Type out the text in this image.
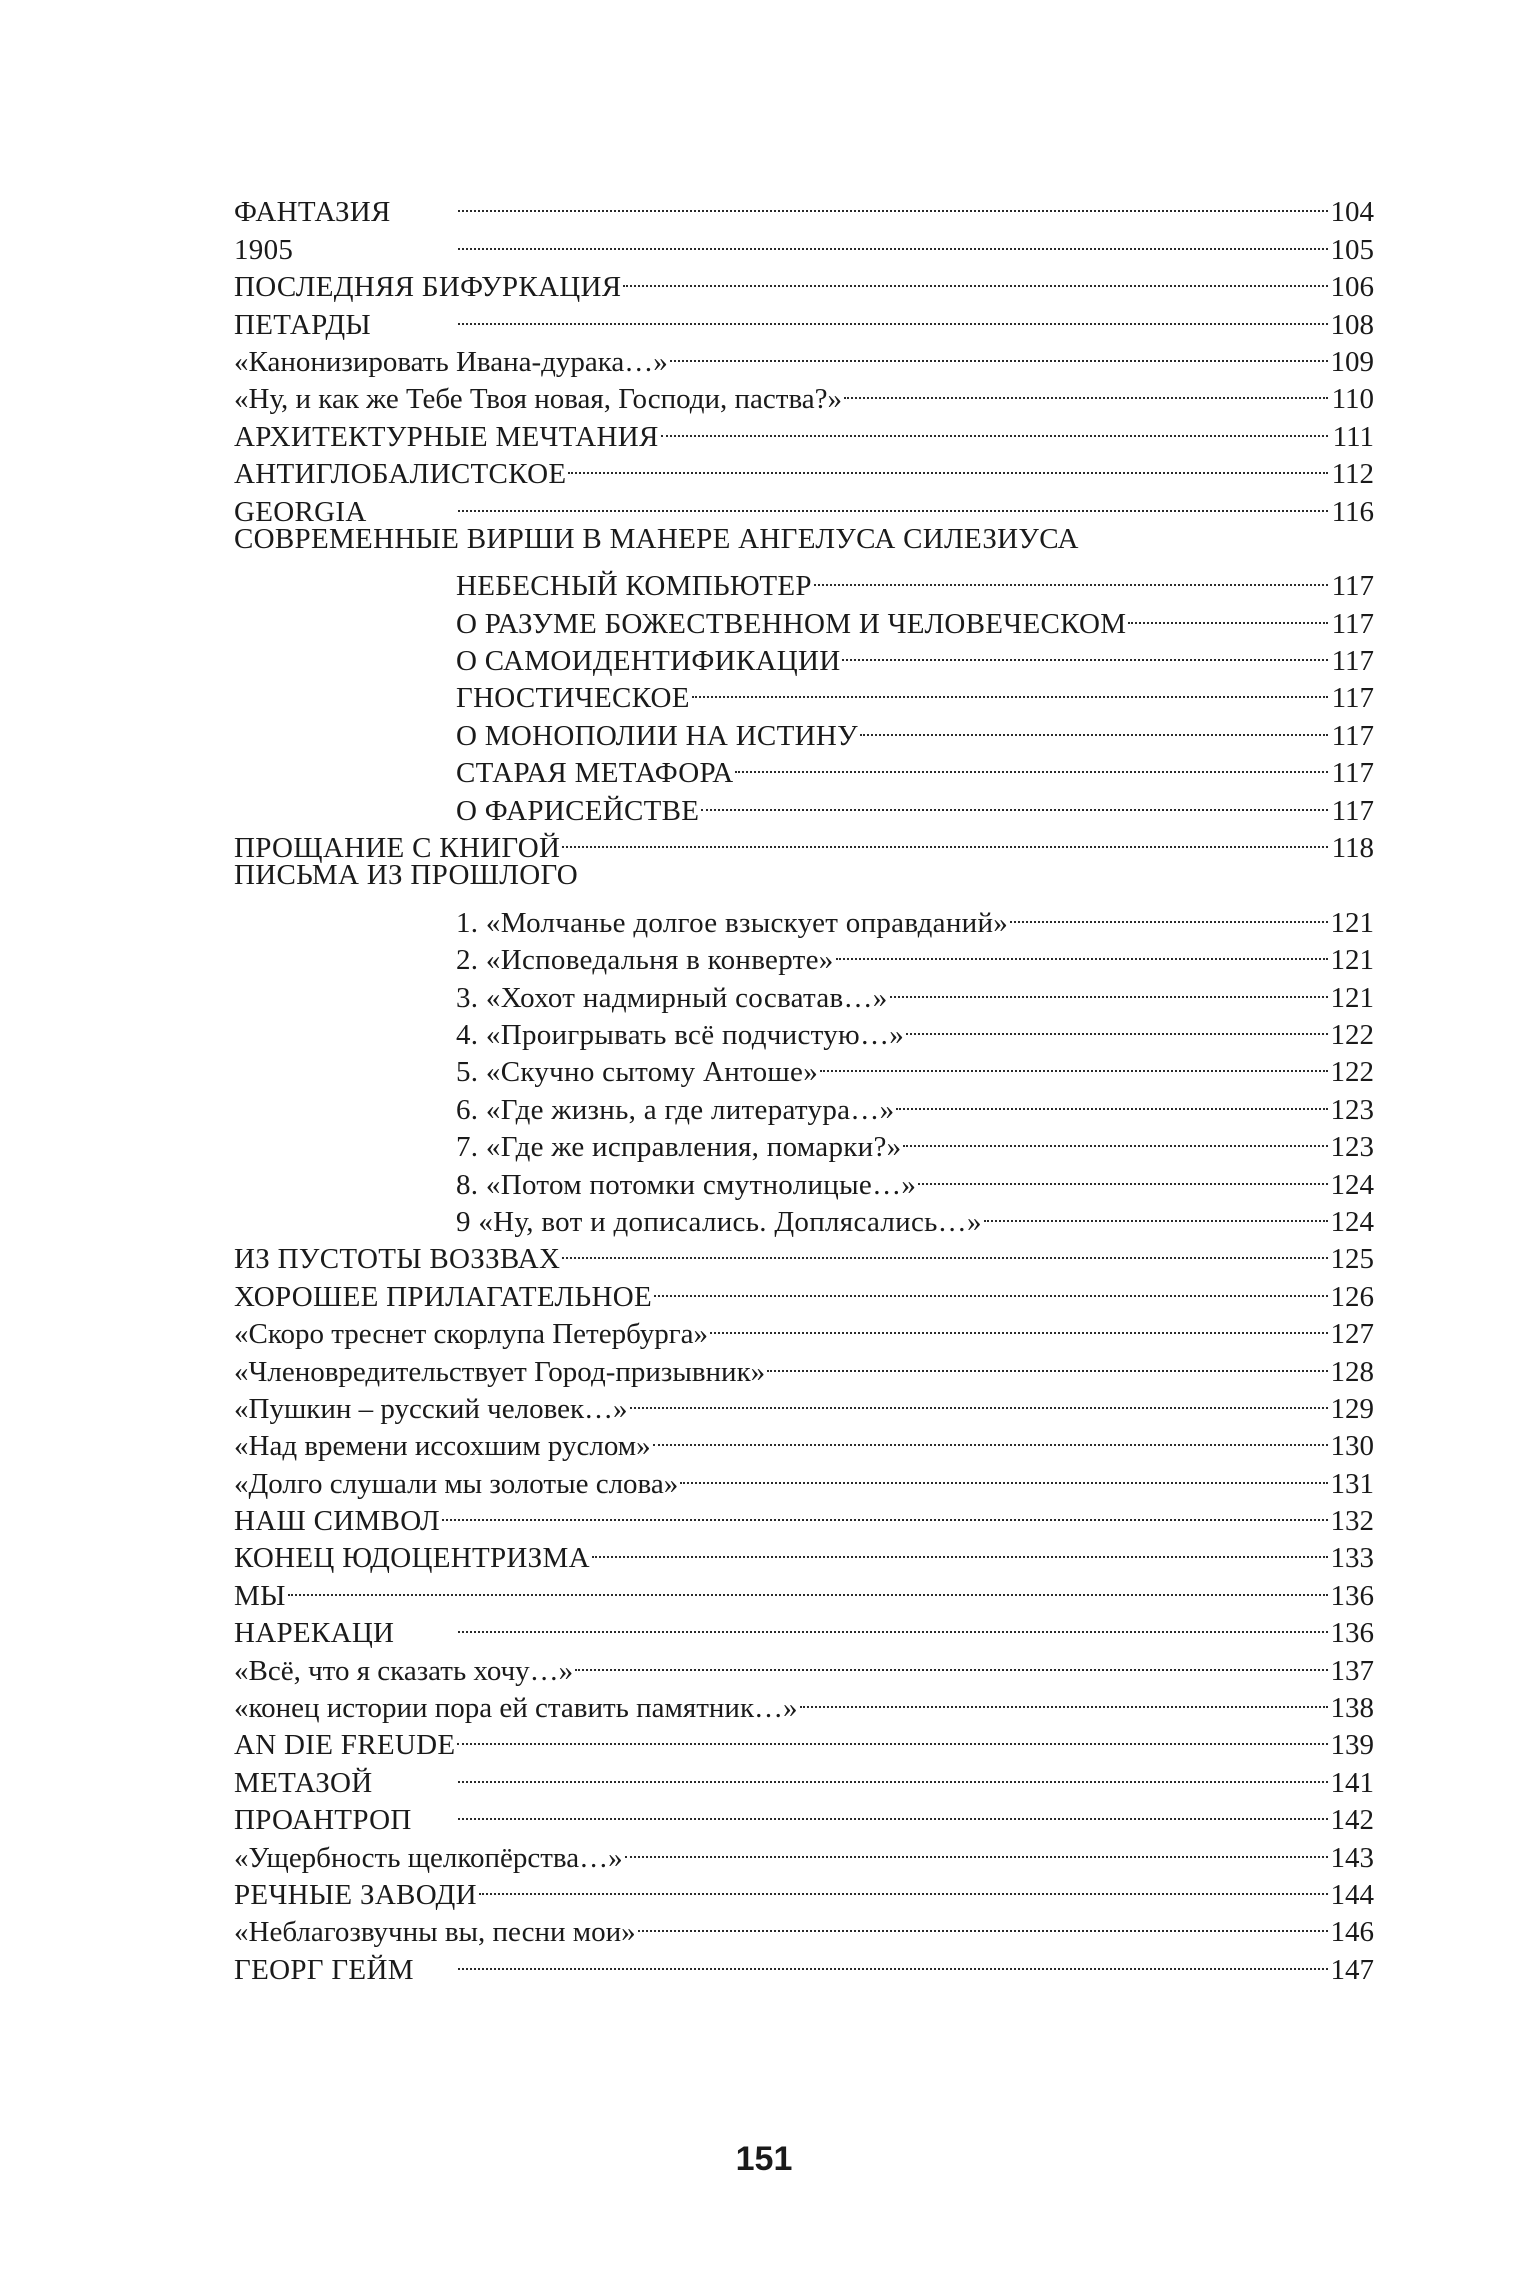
ФАНТАЗИЯ	104
1905	105
ПОСЛЕДНЯЯ БИФУРКАЦИЯ	106
ПЕТАРДЫ	108
«Канонизировать Ивана-дурака…»	109
«Ну, и как же Тебе Твоя новая, Господи, паства?»	110
АРХИТЕКТУРНЫЕ МЕЧТАНИЯ	111
АНТИГЛОБАЛИСТСКОЕ	112
GEORGIA	116
СОВРЕМЕННЫЕ ВИРШИ В МАНЕРЕ АНГЕЛУСА СИЛЕЗИУСА
НЕБЕСНЫЙ КОМПЬЮТЕР	117
О РАЗУМЕ БОЖЕСТВЕННОМ И ЧЕЛОВЕЧЕСКОМ	117
О САМОИДЕНТИФИКАЦИИ	117
ГНОСТИЧЕСКОЕ	117
О МОНОПОЛИИ НА ИСТИНУ	117
СТАРАЯ МЕТАФОРА	117
О ФАРИСЕЙСТВЕ	117
ПРОЩАНИЕ С КНИГОЙ	118
ПИСЬМА ИЗ ПРОШЛОГО
1. «Молчанье долгое взыскует оправданий»	121
2. «Исповедальня в конверте»	121
3. «Хохот надмирный сосватав…»	121
4. «Проигрывать всё подчистую…»	122
5. «Скучно сытому Антоше»	122
6. «Где жизнь, а где литература…»	123
7. «Где же исправления, помарки?»	123
8. «Потом потомки смутнолицые…»	124
9 «Ну, вот и дописались. Доплясались…»	124
ИЗ ПУСТОТЫ ВОЗЗВАХ	125
ХОРОШЕЕ ПРИЛАГАТЕЛЬНОЕ	126
«Скоро треснет скорлупа Петербурга»	127
«Членовредительствует Город-призывник»	128
«Пушкин – русский человек…»	129
«Над времени иссохшим руслом»	130
«Долго слушали мы золотые слова»	131
НАШ СИМВОЛ	132
КОНЕЦ ЮДОЦЕНТРИЗМА	133
МЫ	136
НАРЕКАЦИ	136
«Всё, что я сказать хочу…»	137
«конец истории пора ей ставить памятник…»	138
AN DIE FREUDE	139
МЕТАЗОЙ	141
ПРОАНТРОП	142
«Ущербность щелкопёрства…»	143
РЕЧНЫЕ ЗАВОДИ	144
«Неблагозвучны вы, песни мои»	146
ГЕОРГ ГЕЙМ	147
151
